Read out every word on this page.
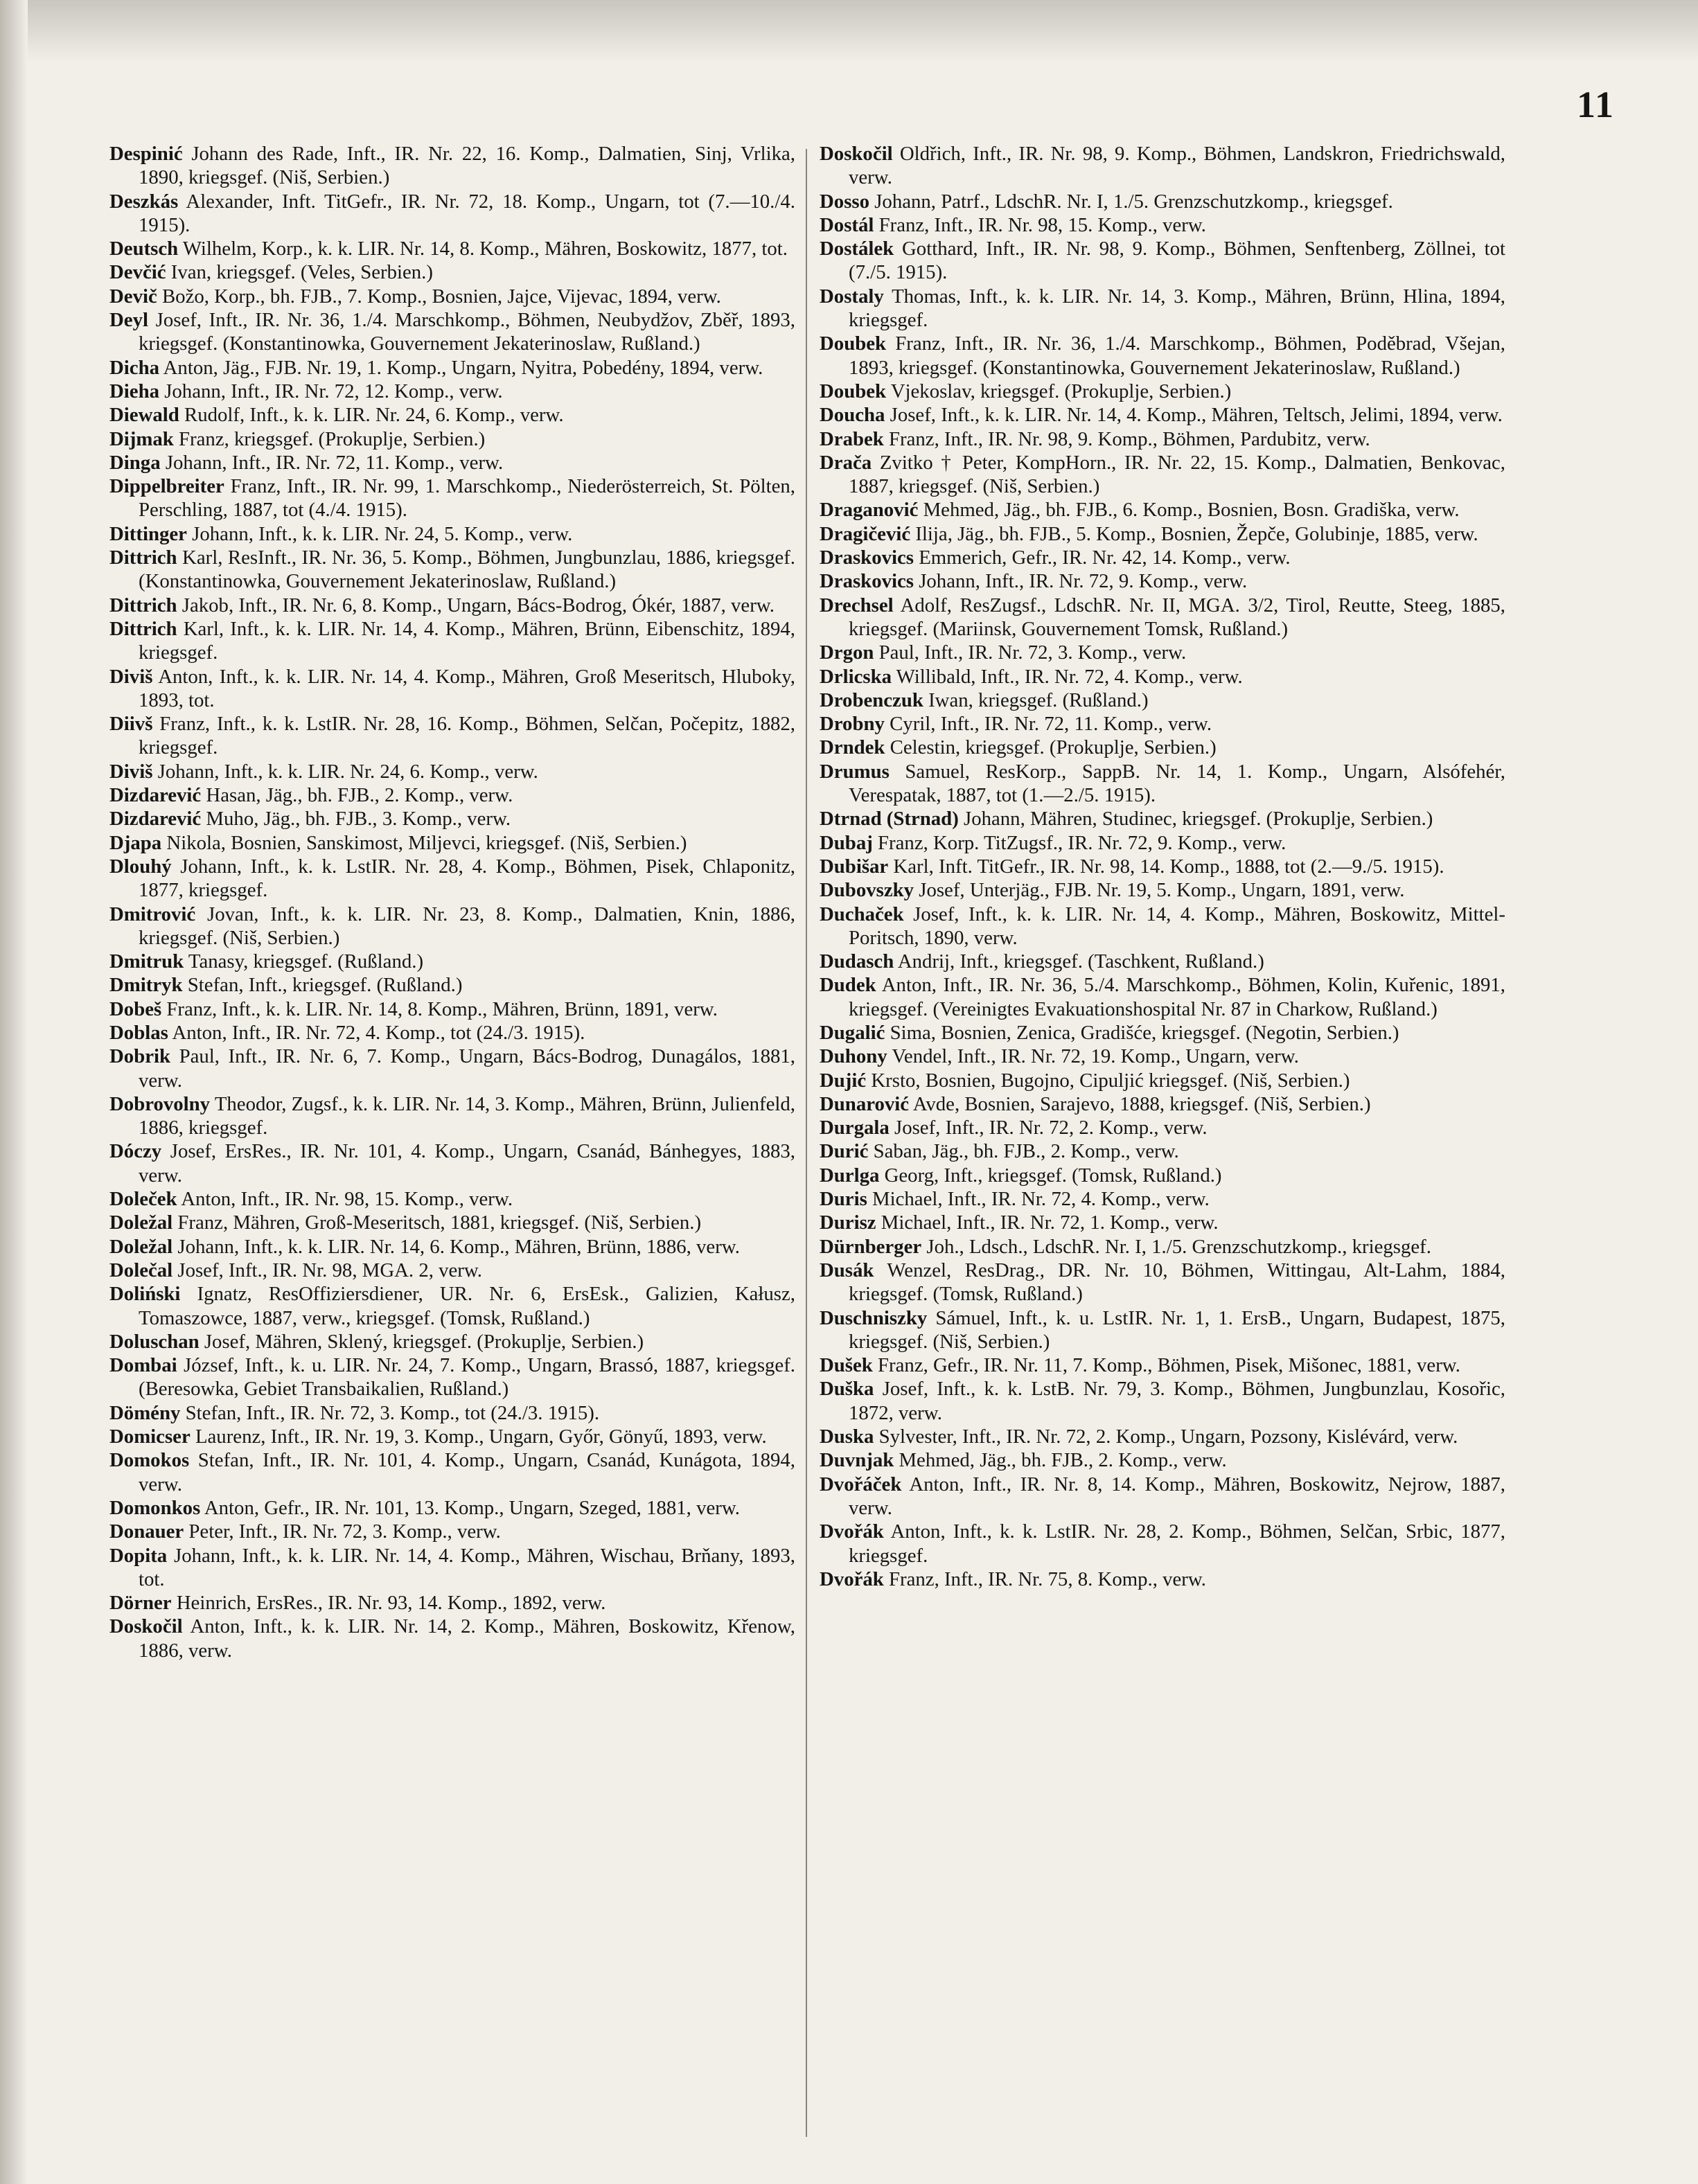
11

Despinić Johann des Rade, Inft., IR. Nr. 22, 16. Komp., Dalmatien, Sinj, Vrlika, 1890, kriegsgef. (Niš, Serbien.)

Deszkás Alexander, Inft. TitGefr., IR. Nr. 72, 18. Komp., Ungarn, tot (7.—10./4. 1915).

Deutsch Wilhelm, Korp., k. k. LIR. Nr. 14, 8. Komp., Mähren, Boskowitz, 1877, tot.

Devčić Ivan, kriegsgef. (Veles, Serbien.)

Devič Božo, Korp., bh. FJB., 7. Komp., Bosnien, Jajce, Vijevac, 1894, verw.

Deyl Josef, Inft., IR. Nr. 36, 1./4. Marschkomp., Böhmen, Neubydžov, Zběř, 1893, kriegsgef. (Konstantinowka, Gouvernement Jekaterinoslaw, Rußland.)

Dicha Anton, Jäg., FJB. Nr. 19, 1. Komp., Ungarn, Nyitra, Pobedény, 1894, verw.

Dieha Johann, Inft., IR. Nr. 72, 12. Komp., verw.

Diewald Rudolf, Inft., k. k. LIR. Nr. 24, 6. Komp., verw.

Dijmak Franz, kriegsgef. (Prokuplje, Serbien.)

Dinga Johann, Inft., IR. Nr. 72, 11. Komp., verw.

Dippelbreiter Franz, Inft., IR. Nr. 99, 1. Marschkomp., Niederösterreich, St. Pölten, Perschling, 1887, tot (4./4. 1915).

Dittinger Johann, Inft., k. k. LIR. Nr. 24, 5. Komp., verw.

Dittrich Karl, ResInft., IR. Nr. 36, 5. Komp., Böhmen, Jungbunzlau, 1886, kriegsgef. (Konstantinowka, Gouvernement Jekaterinoslaw, Rußland.)

Dittrich Jakob, Inft., IR. Nr. 6, 8. Komp., Ungarn, Bács-Bodrog, Ókér, 1887, verw.

Dittrich Karl, Inft., k. k. LIR. Nr. 14, 4. Komp., Mähren, Brünn, Eibenschitz, 1894, kriegsgef.

Diviš Anton, Inft., k. k. LIR. Nr. 14, 4. Komp., Mähren, Groß Meseritsch, Hluboky, 1893, tot.

Diivš Franz, Inft., k. k. LstIR. Nr. 28, 16. Komp., Böhmen, Selčan, Počepitz, 1882, kriegsgef.

Diviš Johann, Inft., k. k. LIR. Nr. 24, 6. Komp., verw.

Dizdarević Hasan, Jäg., bh. FJB., 2. Komp., verw.

Dizdarević Muho, Jäg., bh. FJB., 3. Komp., verw.

Djapa Nikola, Bosnien, Sanskimost, Miljevci, kriegsgef. (Niš, Serbien.)

Dlouhý Johann, Inft., k. k. LstIR. Nr. 28, 4. Komp., Böhmen, Pisek, Chlaponitz, 1877, kriegsgef.

Dmitrović Jovan, Inft., k. k. LIR. Nr. 23, 8. Komp., Dalmatien, Knin, 1886, kriegsgef. (Niš, Serbien.)

Dmitruk Tanasy, kriegsgef. (Rußland.)

Dmitryk Stefan, Inft., kriegsgef. (Rußland.)

Dobeš Franz, Inft., k. k. LIR. Nr. 14, 8. Komp., Mähren, Brünn, 1891, verw.

Doblas Anton, Inft., IR. Nr. 72, 4. Komp., tot (24./3. 1915).

Dobrik Paul, Inft., IR. Nr. 6, 7. Komp., Ungarn, Bács-Bodrog, Dunagálos, 1881, verw.

Dobrovolny Theodor, Zugsf., k. k. LIR. Nr. 14, 3. Komp., Mähren, Brünn, Julienfeld, 1886, kriegsgef.

Dóczy Josef, ErsRes., IR. Nr. 101, 4. Komp., Ungarn, Csanád, Bánhegyes, 1883, verw.

Doleček Anton, Inft., IR. Nr. 98, 15. Komp., verw.

Doležal Franz, Mähren, Groß-Meseritsch, 1881, kriegsgef. (Niš, Serbien.)

Doležal Johann, Inft., k. k. LIR. Nr. 14, 6. Komp., Mähren, Brünn, 1886, verw.

Dolečal Josef, Inft., IR. Nr. 98, MGA. 2, verw.

Doliński Ignatz, ResOffiziersdiener, UR. Nr. 6, ErsEsk., Galizien, Kałusz, Tomaszowce, 1887, verw., kriegsgef. (Tomsk, Rußland.)

Doluschan Josef, Mähren, Sklený, kriegsgef. (Prokuplje, Serbien.)

Dombai József, Inft., k. u. LIR. Nr. 24, 7. Komp., Ungarn, Brassó, 1887, kriegsgef. (Beresowka, Gebiet Transbaikalien, Rußland.)

Dömény Stefan, Inft., IR. Nr. 72, 3. Komp., tot (24./3. 1915).

Domicser Laurenz, Inft., IR. Nr. 19, 3. Komp., Ungarn, Győr, Gönyű, 1893, verw.

Domokos Stefan, Inft., IR. Nr. 101, 4. Komp., Ungarn, Csanád, Kunágota, 1894, verw.

Domonkos Anton, Gefr., IR. Nr. 101, 13. Komp., Ungarn, Szeged, 1881, verw.

Donauer Peter, Inft., IR. Nr. 72, 3. Komp., verw.

Dopita Johann, Inft., k. k. LIR. Nr. 14, 4. Komp., Mähren, Wischau, Brňany, 1893, tot.

Dörner Heinrich, ErsRes., IR. Nr. 93, 14. Komp., 1892, verw.

Doskočil Anton, Inft., k. k. LIR. Nr. 14, 2. Komp., Mähren, Boskowitz, Křenow, 1886, verw.

Doskočil Oldřich, Inft., IR. Nr. 98, 9. Komp., Böhmen, Landskron, Friedrichswald, verw.

Dosso Johann, Patrf., LdschR. Nr. I, 1./5. Grenzschutzkomp., kriegsgef.

Dostál Franz, Inft., IR. Nr. 98, 15. Komp., verw.

Dostálek Gotthard, Inft., IR. Nr. 98, 9. Komp., Böhmen, Senftenberg, Zöllnei, tot (7./5. 1915).

Dostaly Thomas, Inft., k. k. LIR. Nr. 14, 3. Komp., Mähren, Brünn, Hlina, 1894, kriegsgef.

Doubek Franz, Inft., IR. Nr. 36, 1./4. Marschkomp., Böhmen, Poděbrad, Všejan, 1893, kriegsgef. (Konstantinowka, Gouvernement Jekaterinoslaw, Rußland.)

Doubek Vjekoslav, kriegsgef. (Prokuplje, Serbien.)

Doucha Josef, Inft., k. k. LIR. Nr. 14, 4. Komp., Mähren, Teltsch, Jelimi, 1894, verw.

Drabek Franz, Inft., IR. Nr. 98, 9. Komp., Böhmen, Pardubitz, verw.

Drača Zvitko † Peter, KompHorn., IR. Nr. 22, 15. Komp., Dalmatien, Benkovac, 1887, kriegsgef. (Niš, Serbien.)

Draganović Mehmed, Jäg., bh. FJB., 6. Komp., Bosnien, Bosn. Gradiška, verw.

Dragičević Ilija, Jäg., bh. FJB., 5. Komp., Bosnien, Žepče, Golubinje, 1885, verw.

Draskovics Emmerich, Gefr., IR. Nr. 42, 14. Komp., verw.

Draskovics Johann, Inft., IR. Nr. 72, 9. Komp., verw.

Drechsel Adolf, ResZugsf., LdschR. Nr. II, MGA. 3/2, Tirol, Reutte, Steeg, 1885, kriegsgef. (Mariinsk, Gouvernement Tomsk, Rußland.)

Drgon Paul, Inft., IR. Nr. 72, 3. Komp., verw.

Drlicska Willibald, Inft., IR. Nr. 72, 4. Komp., verw.

Drobenczuk Iwan, kriegsgef. (Rußland.)

Drobny Cyril, Inft., IR. Nr. 72, 11. Komp., verw.

Drndek Celestin, kriegsgef. (Prokuplje, Serbien.)

Drumus Samuel, ResKorp., SappB. Nr. 14, 1. Komp., Ungarn, Alsófehér, Verespatak, 1887, tot (1.—2./5. 1915).

Dtrnad (Strnad) Johann, Mähren, Studinec, kriegsgef. (Prokuplje, Serbien.)

Dubaj Franz, Korp. TitZugsf., IR. Nr. 72, 9. Komp., verw.

Dubišar Karl, Inft. TitGefr., IR. Nr. 98, 14. Komp., 1888, tot (2.—9./5. 1915).

Dubovszky Josef, Unterjäg., FJB. Nr. 19, 5. Komp., Ungarn, 1891, verw.

Duchaček Josef, Inft., k. k. LIR. Nr. 14, 4. Komp., Mähren, Boskowitz, Mittel-Poritsch, 1890, verw.

Dudasch Andrij, Inft., kriegsgef. (Taschkent, Rußland.)

Dudek Anton, Inft., IR. Nr. 36, 5./4. Marschkomp., Böhmen, Kolin, Kuřenic, 1891, kriegsgef. (Vereinigtes Evakuationshospital Nr. 87 in Charkow, Rußland.)

Dugalić Sima, Bosnien, Zenica, Gradišće, kriegsgef. (Negotin, Serbien.)

Duhony Vendel, Inft., IR. Nr. 72, 19. Komp., Ungarn, verw.

Dujić Krsto, Bosnien, Bugojno, Cipuljić kriegsgef. (Niš, Serbien.)

Dunarović Avde, Bosnien, Sarajevo, 1888, kriegsgef. (Niš, Serbien.)

Durgala Josef, Inft., IR. Nr. 72, 2. Komp., verw.

Durić Saban, Jäg., bh. FJB., 2. Komp., verw.

Durlga Georg, Inft., kriegsgef. (Tomsk, Rußland.)

Duris Michael, Inft., IR. Nr. 72, 4. Komp., verw.

Durisz Michael, Inft., IR. Nr. 72, 1. Komp., verw.

Dürnberger Joh., Ldsch., LdschR. Nr. I, 1./5. Grenzschutzkomp., kriegsgef.

Dusák Wenzel, ResDrag., DR. Nr. 10, Böhmen, Wittingau, Alt-Lahm, 1884, kriegsgef. (Tomsk, Rußland.)

Duschniszky Sámuel, Inft., k. u. LstIR. Nr. 1, 1. ErsB., Ungarn, Budapest, 1875, kriegsgef. (Niš, Serbien.)

Dušek Franz, Gefr., IR. Nr. 11, 7. Komp., Böhmen, Pisek, Mišonec, 1881, verw.

Duška Josef, Inft., k. k. LstB. Nr. 79, 3. Komp., Böhmen, Jungbunzlau, Kosořic, 1872, verw.

Duska Sylvester, Inft., IR. Nr. 72, 2. Komp., Ungarn, Pozsony, Kislévárd, verw.

Duvnjak Mehmed, Jäg., bh. FJB., 2. Komp., verw.

Dvořáček Anton, Inft., IR. Nr. 8, 14. Komp., Mähren, Boskowitz, Nejrow, 1887, verw.

Dvořák Anton, Inft., k. k. LstIR. Nr. 28, 2. Komp., Böhmen, Selčan, Srbic, 1877, kriegsgef.

Dvořák Franz, Inft., IR. Nr. 75, 8. Komp., verw.
